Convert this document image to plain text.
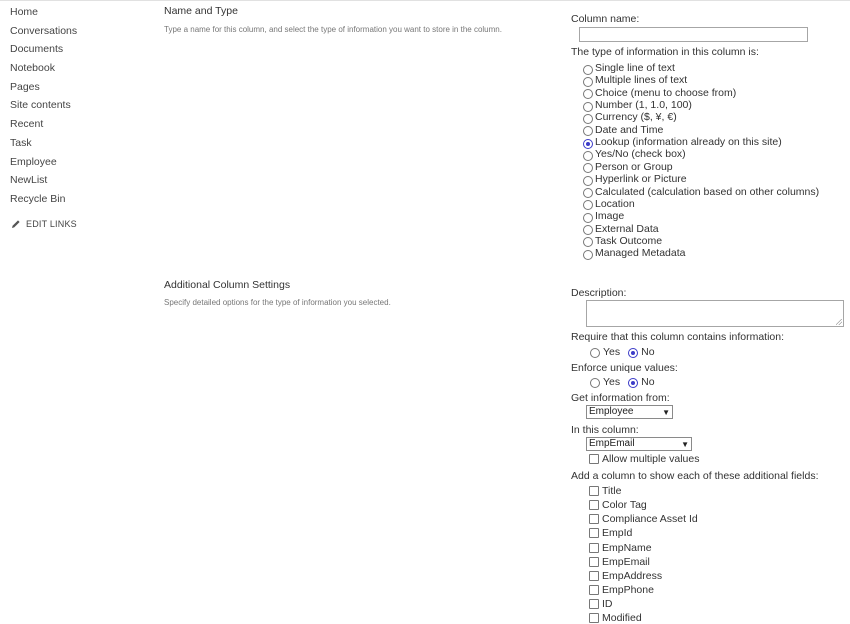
Home
Conversations
Documents
Notebook
Pages
Site contents
Recent
Task
Employee
NewList
Recycle Bin
EDIT LINKS
Name and Type
Type a name for this column, and select the type of information you want to store in the column.
Additional Column Settings
Specify detailed options for the type of information you selected.
Column name:
The type of information in this column is:
Single line of text
Multiple lines of text
Choice (menu to choose from)
Number (1, 1.0, 100)
Currency ($, ¥, €)
Date and Time
Lookup (information already on this site)
Yes/No (check box)
Person or Group
Hyperlink or Picture
Calculated (calculation based on other columns)
Location
Image
External Data
Task Outcome
Managed Metadata
Description:
Require that this column contains information:
Yes No
Enforce unique values:
Yes No
Get information from:
Employee	▼
In this column:
EmpEmail	▼
Allow multiple values
Add a column to show each of these additional fields:
Title
Color Tag
Compliance Asset Id
EmpId
EmpName
EmpEmail
EmpAddress
EmpPhone
ID
Modified
